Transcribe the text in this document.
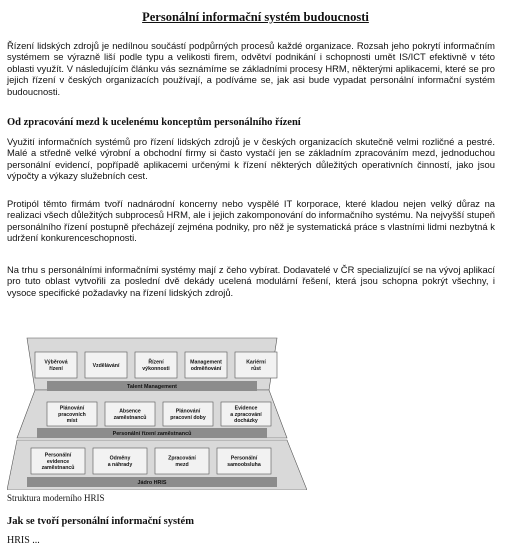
Personální informační systém budoucnosti

Řízení lidských zdrojů je nedílnou součástí podpůrných procesů každé organizace. Rozsah jeho pokrytí informačním systémem se výrazně liší podle typu a velikosti firem, odvětví podnikání i schopnosti umět IS/ICT efektivně v této oblasti využít. V následujícím článku vás seznámíme se základními procesy HRM, některými aplikacemi, které se pro jejich řízení v českých organizacích používají, a podíváme se, jak asi bude vypadat personální informační systém budoucnosti.

Od zpracování mezd k ucelenému konceptům personálního řízení

Využití informačních systémů pro řízení lidských zdrojů je v českých organizacích skutečně velmi rozličné a pestré. Malé a středně velké výrobní a obchodní firmy si často vystačí jen se základním zpracováním mezd, jednoduchou personální evidencí, popřípadě aplikacemi určenými k řízení některých důležitých operativních činností, jako jsou výpočty a výkazy služebních cest.

Protipól těmto firmám tvoří nadnárodní koncerny nebo vyspělé IT korporace, které kladou nejen velký důraz na realizaci všech důležitých subprocesů HRM, ale i jejich zakomponování do informačního systému. Na nejvyšší stupeň personálního řízení postupně přecházejí zejména podniky, pro něž je systematická práce s vlastními lidmi nezbytná k udržení konkurenceschopnosti.

Na trhu s personálními informačními systémy mají z čeho vybírat. Dodavatelé v ČR specializující se na vývoj aplikací pro tuto oblast vytvořili za poslední dvě dekády ucelená modulární řešení, která jsou schopna pokrýt všechny, i vysoce specifické požadavky na řízení lidských zdrojů.

Výběrová
řízení
Vzdělávání
Řízení
výkonnosti
Management
odměňování
Kariérní
růst
Talent Management
Plánování
pracovních
míst
Absence
zaměstnanců
Plánování
pracovní doby
Evidence
a zpracování
docházky
Personální řízení zaměstnanců
Personální
evidence
zaměstnanců
Odměny
a náhrady
Zpracování
mezd
Personální
samoobsluha
Jádro HRIS
Struktura moderního HRIS

Jak se tvoří personální informační systém

HRIS ...
